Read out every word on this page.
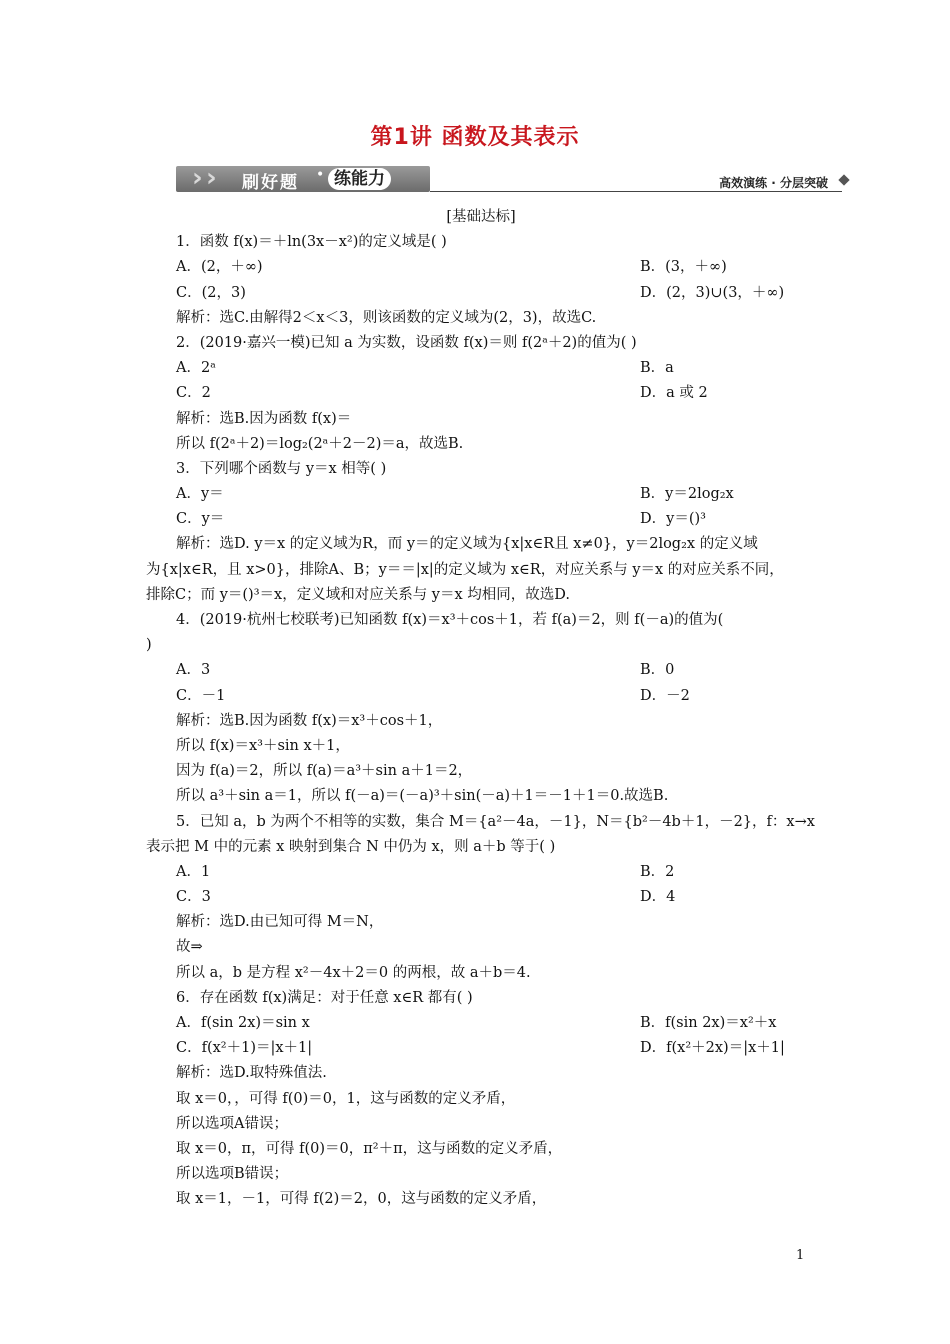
第1讲 函数及其表示
› › 刷好题 • 练能力	高效演练 · 分层突破
[基础达标]
1．函数 f(x)＝＋ln(3x－x²)的定义域是( )
A．(2，＋∞)	B．(3，＋∞)
C．(2，3)	D．(2，3)∪(3，＋∞)
解析：选C.由解得2＜x＜3，则该函数的定义域为(2，3)，故选C.
2．(2019·嘉兴一模)已知 a 为实数，设函数 f(x)＝则 f(2ᵃ＋2)的值为( )
A．2ᵃ	B．a
C．2	D．a 或 2
解析：选B.因为函数 f(x)＝
所以 f(2ᵃ＋2)＝log₂(2ᵃ＋2－2)＝a，故选B.
3．下列哪个函数与 y＝x 相等( )
A．y＝	B．y＝2log₂x
C．y＝	D．y＝()³
解析：选D. y＝x 的定义域为R，而 y＝的定义域为{x|x∈R且 x≠0}，y＝2log₂x 的定义域
为{x|x∈R，且 x>0}，排除A、B；y＝＝|x|的定义域为 x∈R，对应关系与 y＝x 的对应关系不同，
排除C；而 y＝()³＝x，定义域和对应关系与 y＝x 均相同，故选D.
4．(2019·杭州七校联考)已知函数 f(x)＝x³＋cos＋1，若 f(a)＝2，则 f(－a)的值为(
)
A．3	B．0
C．－1	D．－2
解析：选B.因为函数 f(x)＝x³＋cos＋1，
所以 f(x)＝x³＋sin x＋1，
因为 f(a)＝2，所以 f(a)＝a³＋sin a＋1＝2，
所以 a³＋sin a＝1，所以 f(－a)＝(－a)³＋sin(－a)＋1＝－1＋1＝0.故选B.
5．已知 a，b 为两个不相等的实数，集合 M＝{a²－4a，－1}，N＝{b²－4b＋1，－2}，f：x→x
表示把 M 中的元素 x 映射到集合 N 中仍为 x，则 a＋b 等于( )
A．1	B．2
C．3	D．4
解析：选D.由已知可得 M＝N，
故⇒
所以 a，b 是方程 x²－4x＋2＝0 的两根，故 a＋b＝4.
6．存在函数 f(x)满足：对于任意 x∈R 都有( )
A．f(sin 2x)＝sin x	B．f(sin 2x)＝x²＋x
C．f(x²＋1)＝|x＋1|	D．f(x²＋2x)＝|x＋1|
解析：选D.取特殊值法.
取 x＝0，，可得 f(0)＝0，1，这与函数的定义矛盾，
所以选项A错误；
取 x＝0，π，可得 f(0)＝0，π²＋π，这与函数的定义矛盾，
所以选项B错误；
取 x＝1，－1，可得 f(2)＝2，0，这与函数的定义矛盾，
1
